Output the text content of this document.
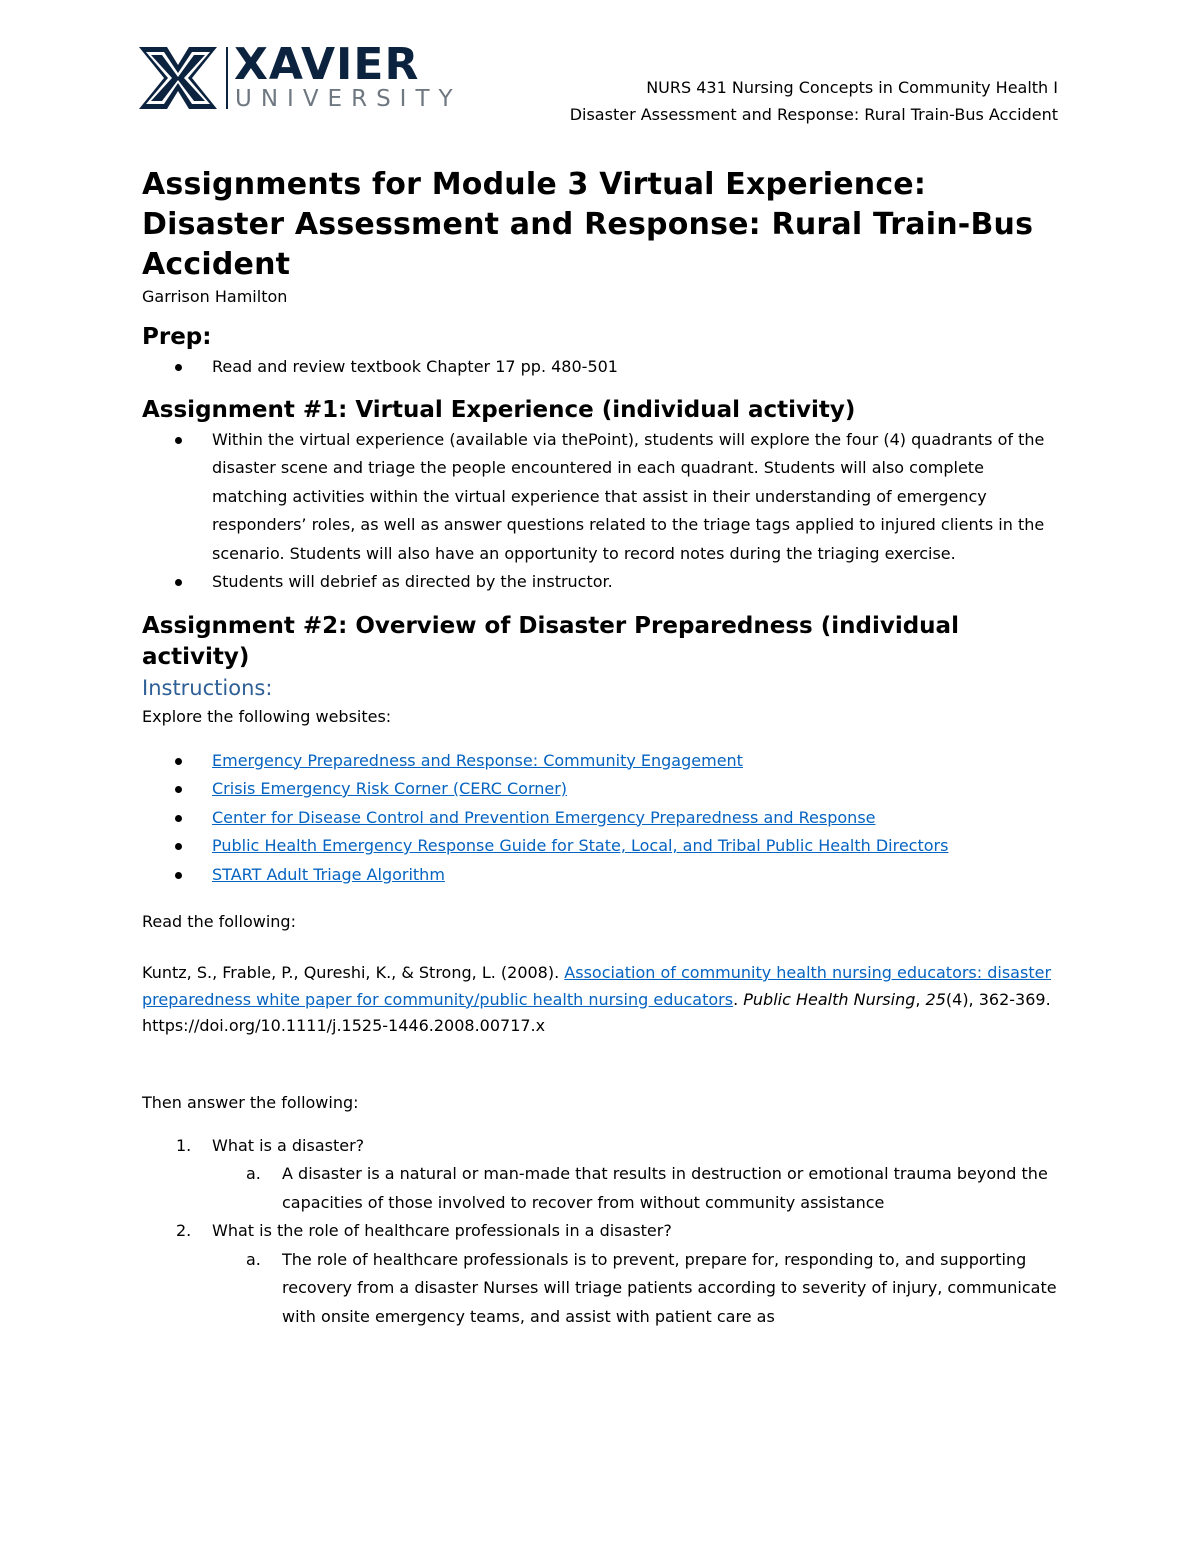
XAVIER
UNIVERSITY	NURS 431 Nursing Concepts in Community Health I
Disaster Assessment and Response: Rural Train-Bus Accident
Assignments for Module 3 Virtual Experience: Disaster Assessment and Response: Rural Train-Bus Accident
Garrison Hamilton
Prep:
Read and review textbook Chapter 17 pp. 480-501
Assignment #1: Virtual Experience (individual activity)
Within the virtual experience (available via thePoint), students will explore the four (4) quadrants of the disaster scene and triage the people encountered in each quadrant. Students will also complete matching activities within the virtual experience that assist in their understanding of emergency responders’ roles, as well as answer questions related to the triage tags applied to injured clients in the scenario. Students will also have an opportunity to record notes during the triaging exercise.
Students will debrief as directed by the instructor.
Assignment #2: Overview of Disaster Preparedness (individual activity)
Instructions:
Explore the following websites:
Emergency Preparedness and Response: Community Engagement
Crisis Emergency Risk Corner (CERC Corner)
Center for Disease Control and Prevention Emergency Preparedness and Response
Public Health Emergency Response Guide for State, Local, and Tribal Public Health Directors
START Adult Triage Algorithm
Read the following:
Kuntz, S., Frable, P., Qureshi, K., & Strong, L. (2008). Association of community health nursing educators: disaster preparedness white paper for community/public health nursing educators. Public Health Nursing, 25(4), 362-369. https://doi.org/10.1111/j.1525-1446.2008.00717.x
Then answer the following:
1. What is a disaster?
a. A disaster is a natural or man-made that results in destruction or emotional trauma beyond the capacities of those involved to recover from without community assistance
2. What is the role of healthcare professionals in a disaster?
a. The role of healthcare professionals is to prevent, prepare for, responding to, and supporting recovery from a disaster Nurses will triage patients according to severity of injury, communicate with onsite emergency teams, and assist with patient care as
